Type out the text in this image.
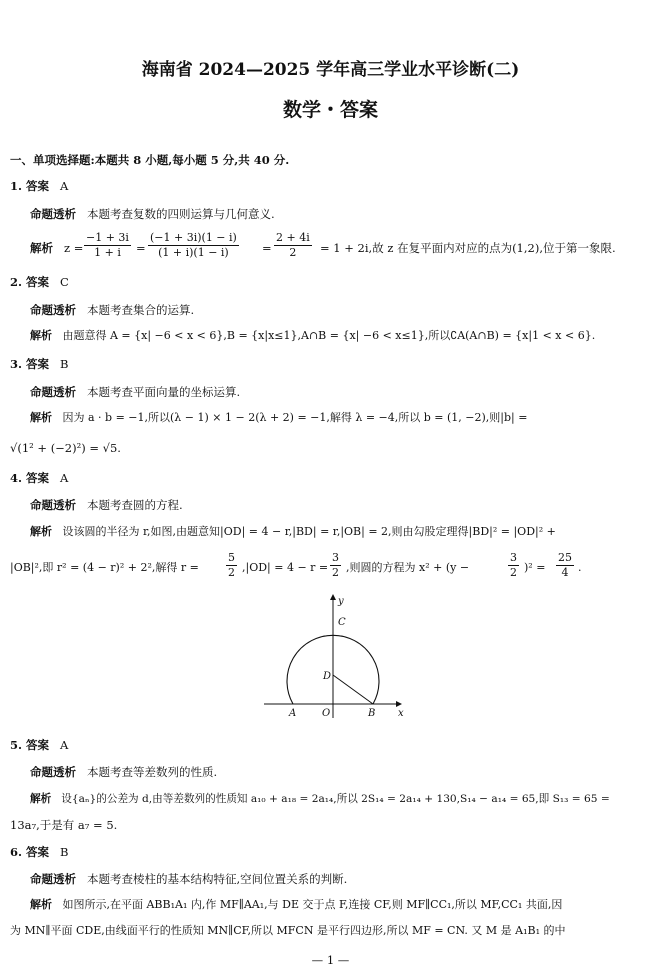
海南省 2024—2025 学年高三学业水平诊断(二)
数学・答案
一、单项选择题:本题共 8 小题,每小题 5 分,共 40 分.
1. 答案 A
命题透析 本题考查复数的四则运算与几何意义.
解析 $z = \frac{-1 + 3i}{1 + i} = \frac{(-1 + 3i)(1 - i)}{(1 + i)(1 - i)} = \frac{2 + 4i}{2} = 1 + 2i$,故 z 在复平面内对应的点为(1,2),位于第一象限.
2. 答案 C
命题透析 本题考查集合的运算.
解析 由题意得 A = {x| −6 < x < 6},B = {x|x≤1},A∩B = {x| −6 < x≤1},所以∁A(A∩B) = {x|1 < x < 6}.
3. 答案 B
命题透析 本题考查平面向量的坐标运算.
解析 因为 a · b = −1,所以(λ − 1) × 1 − 2(λ + 2) = −1,解得 λ = −4,所以 b = (1, −2),则|b| =
√(1² + (−2)²) = √5.
4. 答案 A
命题透析 本题考查圆的方程.
解析 设该圆的半径为 r,如图,由题意知|OD| = 4 − r,|BD| = r,|OB| = 2,则由勾股定理得|BD|² = |OD|² +
|OB|²,即 r² = (4 − r)² + 2²,解得 $r = \frac{5}{2} ,|OD| = 4 - r = \frac{3}{2}$ ,则圆的方程为 x² + (y −	$\frac{3}{2} )^2 = \frac{25}{4}$ .
y
x
C
D
A	O	B
5. 答案 A
命题透析 本题考查等差数列的性质.
解析 设{aₙ}的公差为 d,由等差数列的性质知 a₁₀ + a₁₈ = 2a₁₄,所以 2S₁₄ = 2a₁₄ + 130,S₁₄ − a₁₄ = 65,即 S₁₃ = 65 =
13a₇,于是有 a₇ = 5.
6. 答案 B
命题透析 本题考查棱柱的基本结构特征,空间位置关系的判断.
解析 如图所示,在平面 ABB₁A₁ 内,作 MF∥AA₁,与 DE 交于点 F,连接 CF,则 MF∥CC₁,所以 MF,CC₁ 共面,因
为 MN∥平面 CDE,由线面平行的性质知 MN∥CF,所以 MFCN 是平行四边形,所以 MF = CN. 又 M 是 A₁B₁ 的中
— 1 —
